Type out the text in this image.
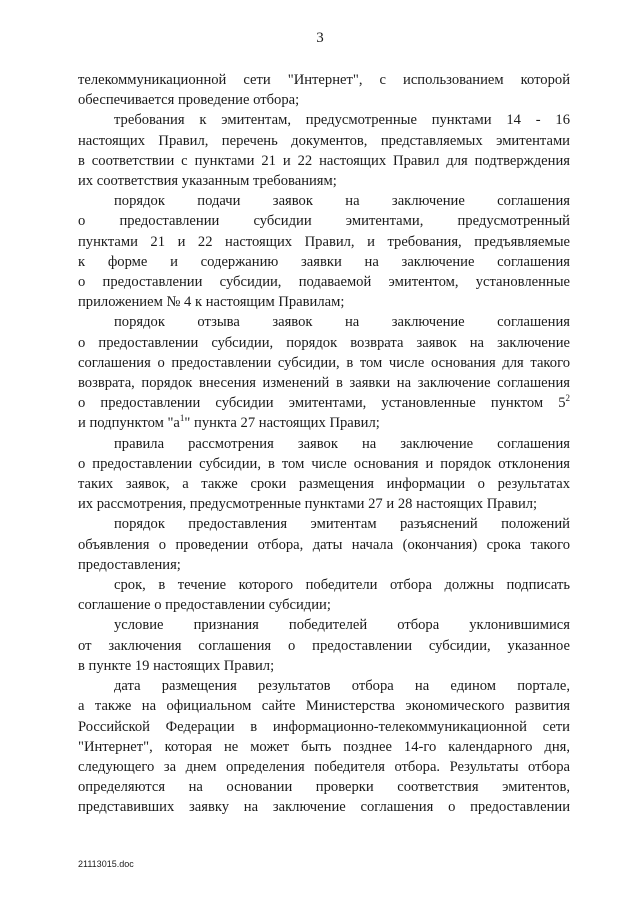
3

телекоммуникационной сети "Интернет", с использованием которой
обеспечивается проведение отбора;

требования к эмитентам, предусмотренные пунктами 14 - 16
настоящих Правил, перечень документов, представляемых эмитентами
в соответствии с пунктами 21 и 22 настоящих Правил для подтверждения
их соответствия указанным требованиям;

порядок подачи заявок на заключение соглашения
о предоставлении субсидии эмитентами, предусмотренный
пунктами 21 и 22 настоящих Правил, и требования, предъявляемые
к форме и содержанию заявки на заключение соглашения
о предоставлении субсидии, подаваемой эмитентом, установленные
приложением № 4 к настоящим Правилам;

порядок отзыва заявок на заключение соглашения
о предоставлении субсидии, порядок возврата заявок на заключение
соглашения о предоставлении субсидии, в том числе основания для такого
возврата, порядок внесения изменений в заявки на заключение соглашения
о предоставлении субсидии эмитентами, установленные пунктом $5^2$
и подпунктом "$а^1$" пункта 27 настоящих Правил;

правила рассмотрения заявок на заключение соглашения
о предоставлении субсидии, в том числе основания и порядок отклонения
таких заявок, а также сроки размещения информации о результатах
их рассмотрения, предусмотренные пунктами 27 и 28 настоящих Правил;

порядок предоставления эмитентам разъяснений положений
объявления о проведении отбора, даты начала (окончания) срока такого
предоставления;

срок, в течение которого победители отбора должны подписать
соглашение о предоставлении субсидии;

условие признания победителей отбора уклонившимися
от заключения соглашения о предоставлении субсидии, указанное
в пункте 19 настоящих Правил;

дата размещения результатов отбора на едином портале,
а также на официальном сайте Министерства экономического развития
Российской Федерации в информационно-телекоммуникационной сети
"Интернет", которая не может быть позднее 14-го календарного дня,
следующего за днем определения победителя отбора. Результаты отбора
определяются на основании проверки соответствия эмитентов,
представивших заявку на заключение соглашения о предоставлении

21113015.doc
